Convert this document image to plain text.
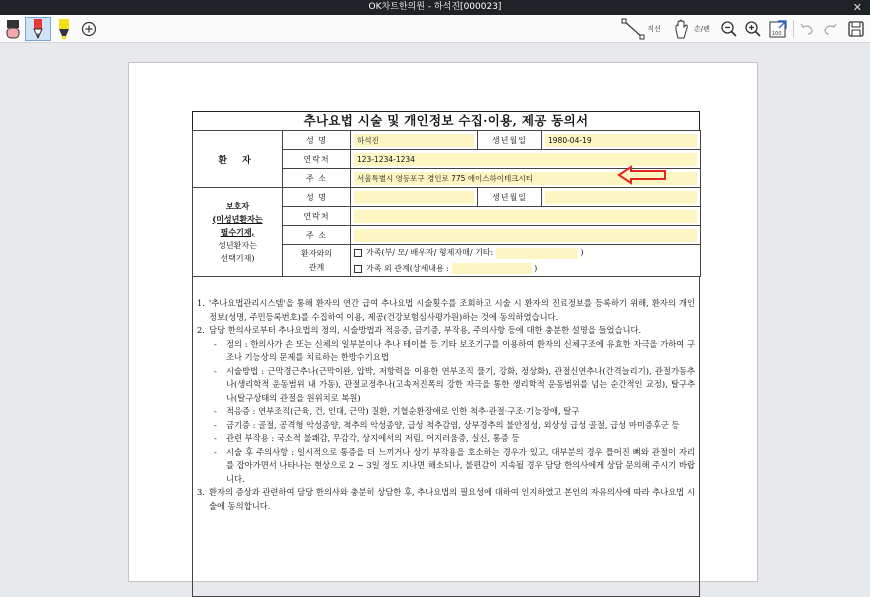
OK차트한의원 - 하석진[000023]	✕
직선	손/펜
100
추나요법 시술 및 개인정보 수집·이용, 제공 동의서
환 자	성 명	하석진	생년월일	1980-04-19

	연락처	123-1234-1234		

	주 소	서울특별시 영등포구 경인로 775 에이스하이테크시티		

보호자
(미성년환자는
필수기재,
성년환자는
선택기재)	성 명		생년월일	

	연락처			

	주 소			

	환자와의
관계	가족(부/ 모/ 배우자/ 형제자매/ 기타: )		

		가족 외 관계(상세내용 : )		
1. '추나요법관리시스템'을 통해 환자의 연간 급여 추나요법 시술횟수를 조회하고 시술 시 환자의 진료정보를 등록하기 위해, 환자의 개인정보(성명, 주민등록번호)를 수집하여 이용, 제공(건강보험심사평가원)하는 것에 동의하였습니다.
2. 담당 한의사로부터 추나요법의 정의, 시술방법과 적응증, 금기증, 부작용, 주의사항 등에 대한 충분한 설명을 들었습니다.
- 정의 : 한의사가 손 또는 신체의 일부분이나 추나 테이블 등 기타 보조기구를 이용하여 환자의 신체구조에 유효한 자극을 가하여 구조나 기능상의 문제를 치료하는 한방수기요법
- 시술방법 : 근막경근추나(근막이완, 압박, 저항력을 이용한 연부조직 풀기, 강화, 정상화), 관절신연추나(간격늘리기), 관절가동추나(생리학적 운동범위 내 가동), 관절교정추나(고속저진폭의 강한 자극을 통한 생리학적 운동범위를 넘는 순간적인 교정), 탈구추나(탈구상태의 관절을 원위치로 복원)
- 적응증 : 연부조직(근육, 건, 인대, 근막) 질환, 기혈순환장애로 인한 척추·관절·구조·기능장애, 탈구
- 금기증 : 골절, 공격형 악성종양, 척추의 악성종양, 급성 척추감염, 상부경추의 불안정성, 외상성 급성 골절, 급성 마미증후군 등
- 관련 부작용 : 국소적 불쾌감, 무감각, 상지에서의 저림, 어지러움증, 실신, 통증 등
- 시술 후 주의사항 : 일시적으로 통증을 더 느끼거나 상기 부작용을 호소하는 경우가 있고, 대부분의 경우 틀어진 뼈와 관절이 자리를 잡아가면서 나타나는 현상으로 2 ~ 3일 정도 지나면 해소되나, 불편감이 지속될 경우 담당 한의사에게 상담 문의해 주시기 바랍니다.
3. 환자의 증상과 관련하여 담당 한의사와 충분히 상담한 후, 추나요법의 필요성에 대하여 인지하였고 본인의 자유의사에 따라 추나요법 시술에 동의합니다.
